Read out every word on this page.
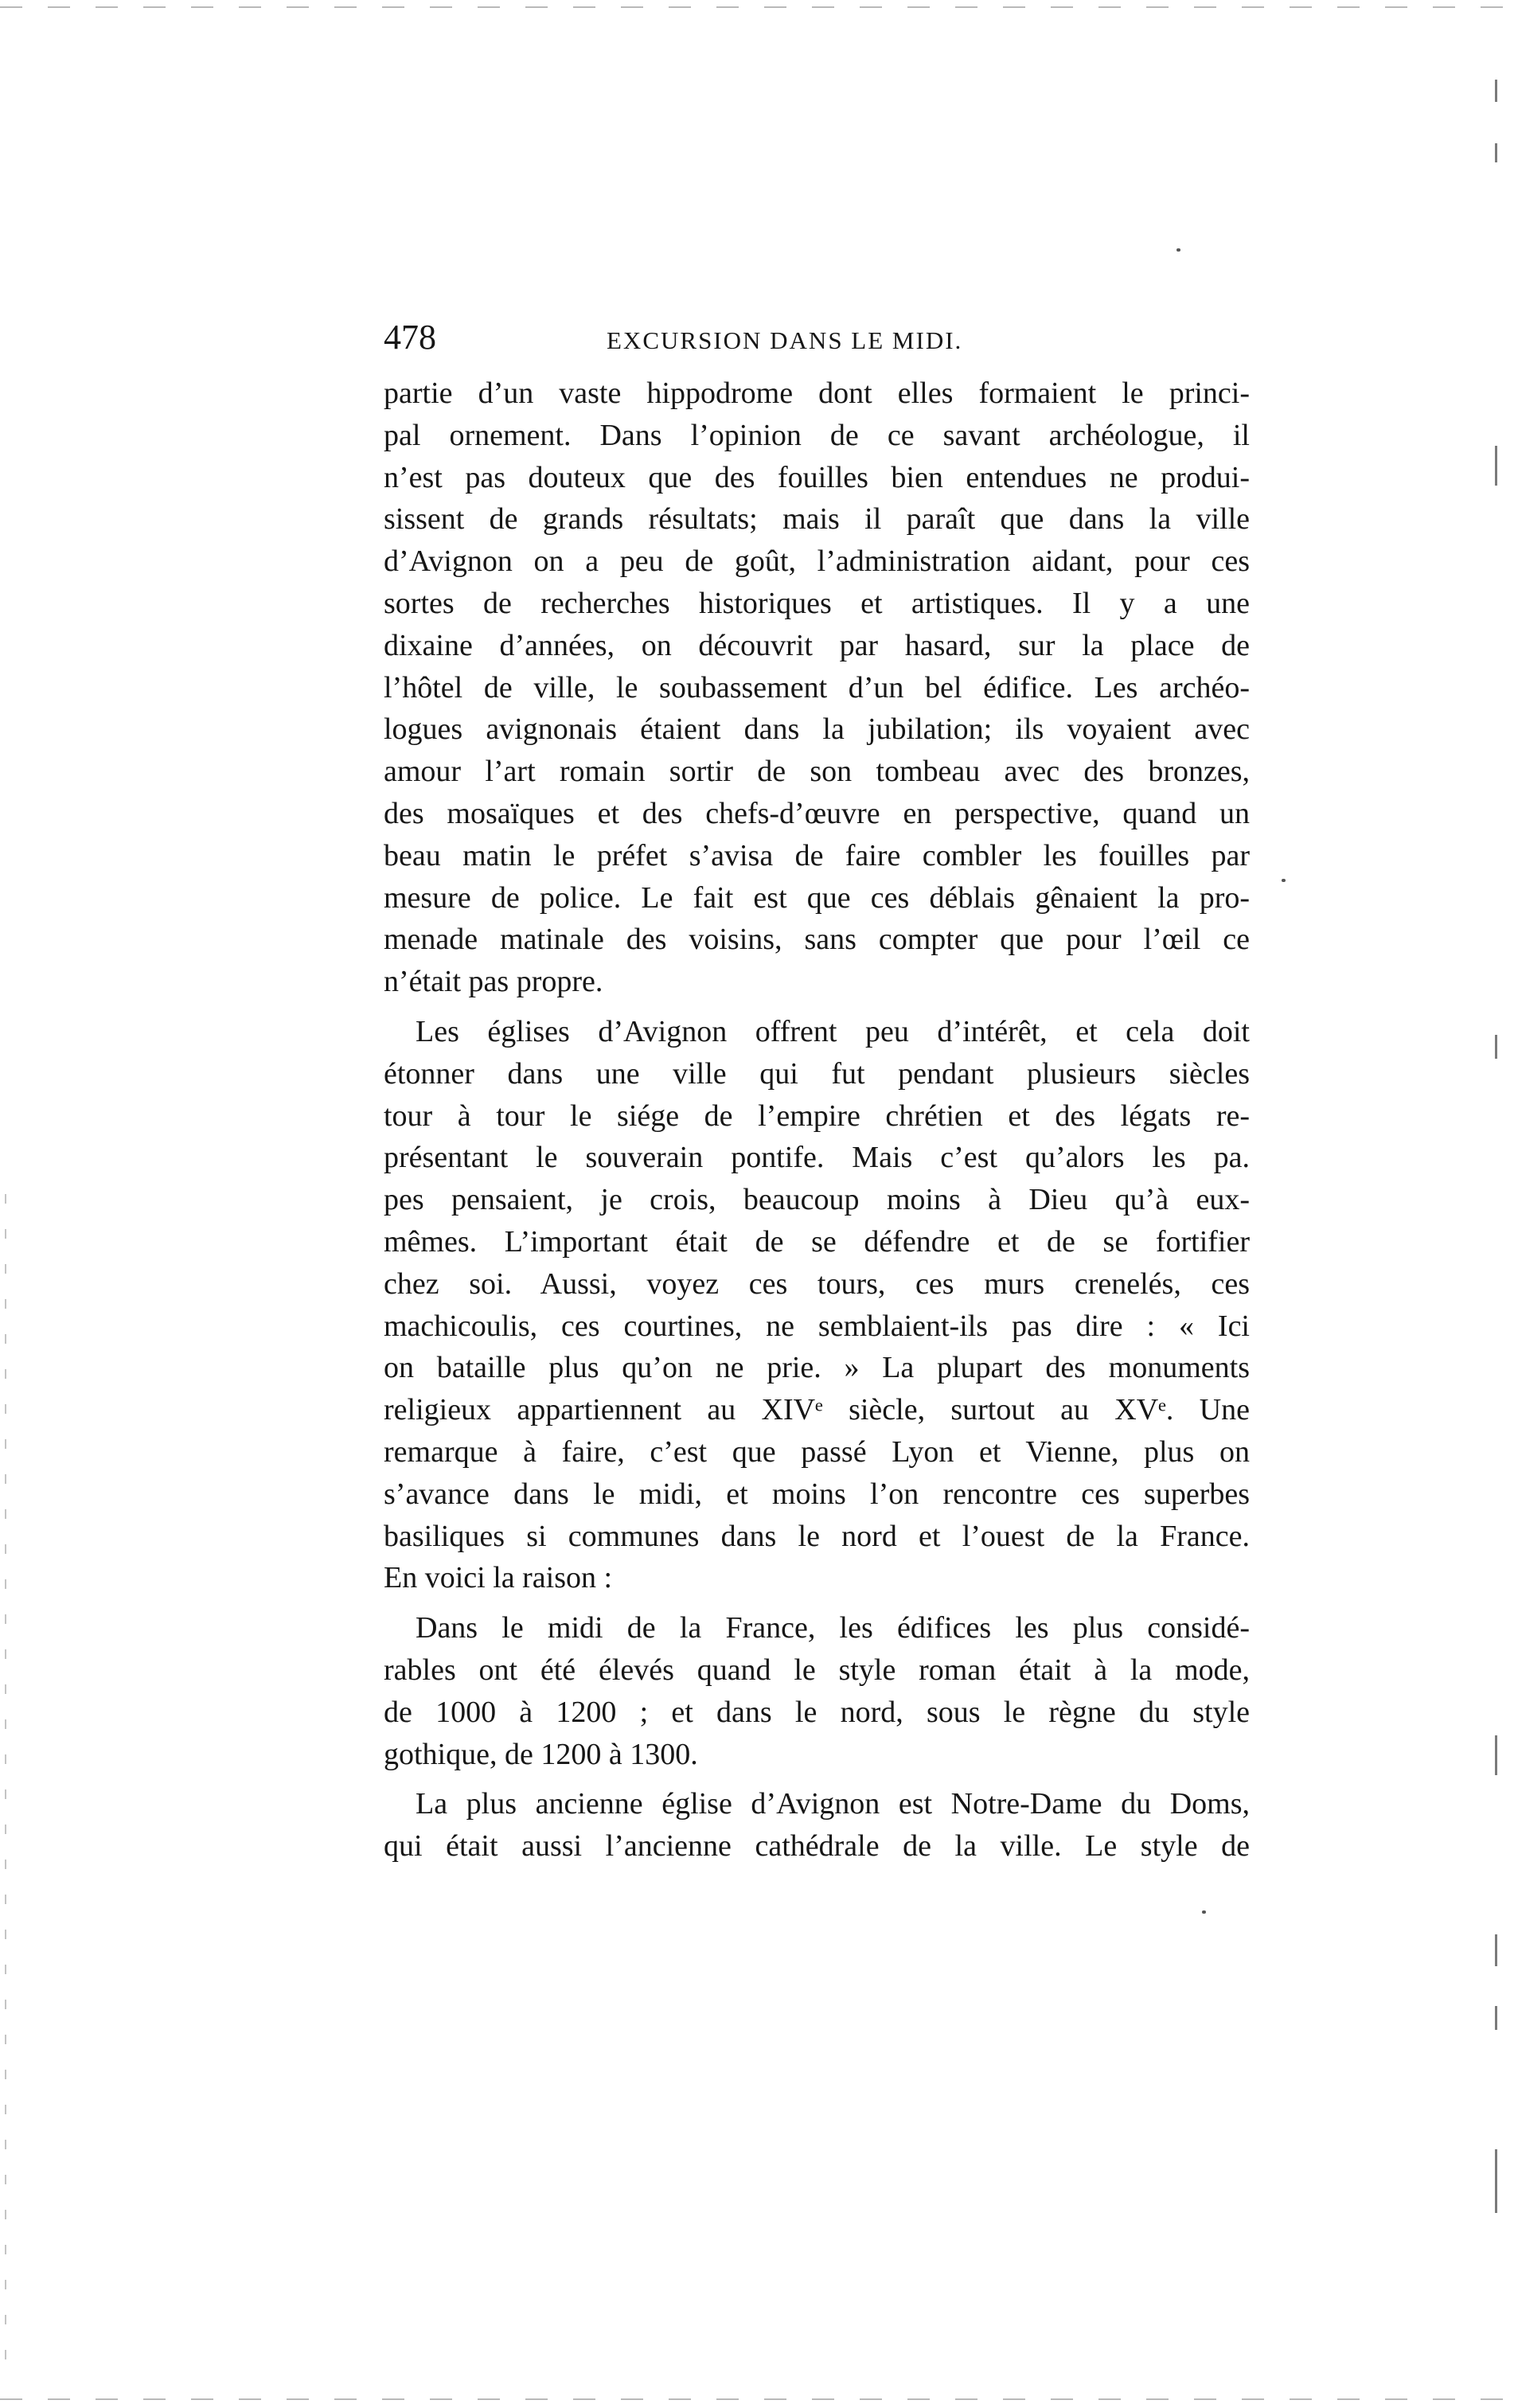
478	EXCURSION DANS LE MIDI.
partie d’un vaste hippodrome dont elles formaient le princi-
pal ornement. Dans l’opinion de ce savant archéologue, il
n’est pas douteux que des fouilles bien entendues ne produi-
sissent de grands résultats; mais il paraît que dans la ville
d’Avignon on a peu de goût, l’administration aidant, pour ces
sortes de recherches historiques et artistiques. Il y a une
dixaine d’années, on découvrit par hasard, sur la place de
l’hôtel de ville, le soubassement d’un bel édifice. Les archéo-
logues avignonais étaient dans la jubilation; ils voyaient avec
amour l’art romain sortir de son tombeau avec des bronzes,
des mosaïques et des chefs-d’œuvre en perspective, quand un
beau matin le préfet s’avisa de faire combler les fouilles par
mesure de police. Le fait est que ces déblais gênaient la pro-
menade matinale des voisins, sans compter que pour l’œil ce
n’était pas propre.
Les églises d’Avignon offrent peu d’intérêt, et cela doit
étonner dans une ville qui fut pendant plusieurs siècles
tour à tour le siége de l’empire chrétien et des légats re-
présentant le souverain pontife. Mais c’est qu’alors les pa.
pes pensaient, je crois, beaucoup moins à Dieu qu’à eux-
mêmes. L’important était de se défendre et de se fortifier
chez soi. Aussi, voyez ces tours, ces murs crenelés, ces
machicoulis, ces courtines, ne semblaient-ils pas dire : « Ici
on bataille plus qu’on ne prie. » La plupart des monuments
religieux appartiennent au XIVᵉ siècle, surtout au XVᵉ. Une
remarque à faire, c’est que passé Lyon et Vienne, plus on
s’avance dans le midi, et moins l’on rencontre ces superbes
basiliques si communes dans le nord et l’ouest de la France.
En voici la raison :
Dans le midi de la France, les édifices les plus considé-
rables ont été élevés quand le style roman était à la mode,
de 1000 à 1200 ; et dans le nord, sous le règne du style
gothique, de 1200 à 1300.
La plus ancienne église d’Avignon est Notre-Dame du Doms,
qui était aussi l’ancienne cathédrale de la ville. Le style de
